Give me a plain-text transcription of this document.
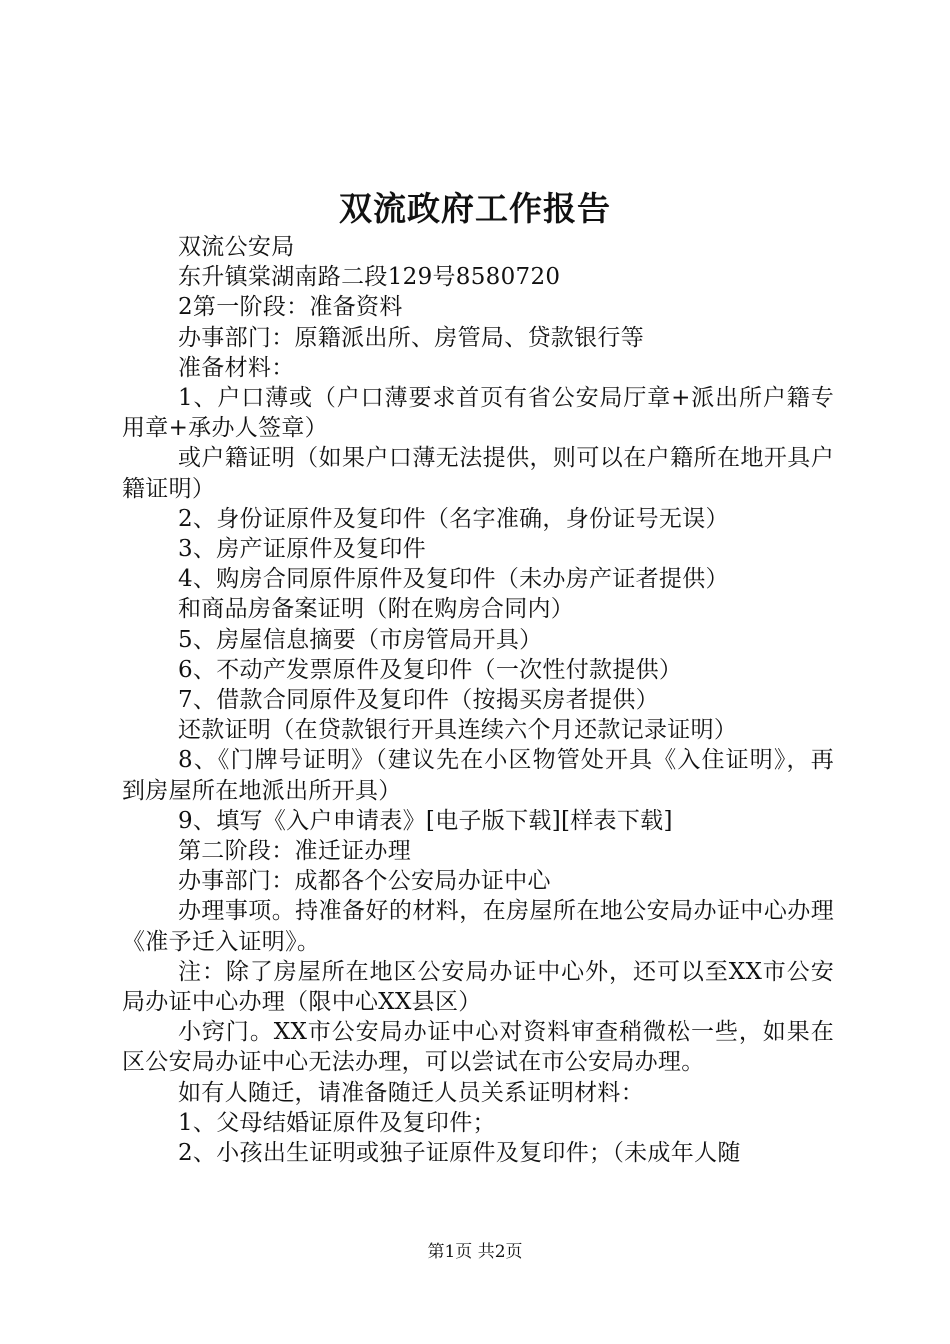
双流政府工作报告

双流公安局

东升镇棠湖南路二段129号8580720

2第一阶段：准备资料

办事部门：原籍派出所、房管局、贷款银行等

准备材料：

1、户口薄或（户口薄要求首页有省公安局厅章+派出所户籍专用章+承办人签章）

或户籍证明（如果户口薄无法提供，则可以在户籍所在地开具户籍证明）

2、身份证原件及复印件（名字准确，身份证号无误）

3、房产证原件及复印件

4、购房合同原件原件及复印件（未办房产证者提供）

和商品房备案证明（附在购房合同内）

5、房屋信息摘要（市房管局开具）

6、不动产发票原件及复印件（一次性付款提供）

7、借款合同原件及复印件（按揭买房者提供）

还款证明（在贷款银行开具连续六个月还款记录证明）

8、《门牌号证明》（建议先在小区物管处开具《入住证明》，再到房屋所在地派出所开具）

9、填写《入户申请表》[电子版下载][样表下载]

第二阶段：准迁证办理

办事部门：成都各个公安局办证中心

办理事项。持准备好的材料，在房屋所在地公安局办证中心办理《准予迁入证明》。

注：除了房屋所在地区公安局办证中心外，还可以至XX市公安局办证中心办理（限中心XX县区）

小窍门。XX市公安局办证中心对资料审查稍微松一些，如果在区公安局办证中心无法办理，可以尝试在市公安局办理。

如有人随迁，请准备随迁人员关系证明材料：

1、父母结婚证原件及复印件；

2、小孩出生证明或独子证原件及复印件；（未成年人随

第1页 共2页
